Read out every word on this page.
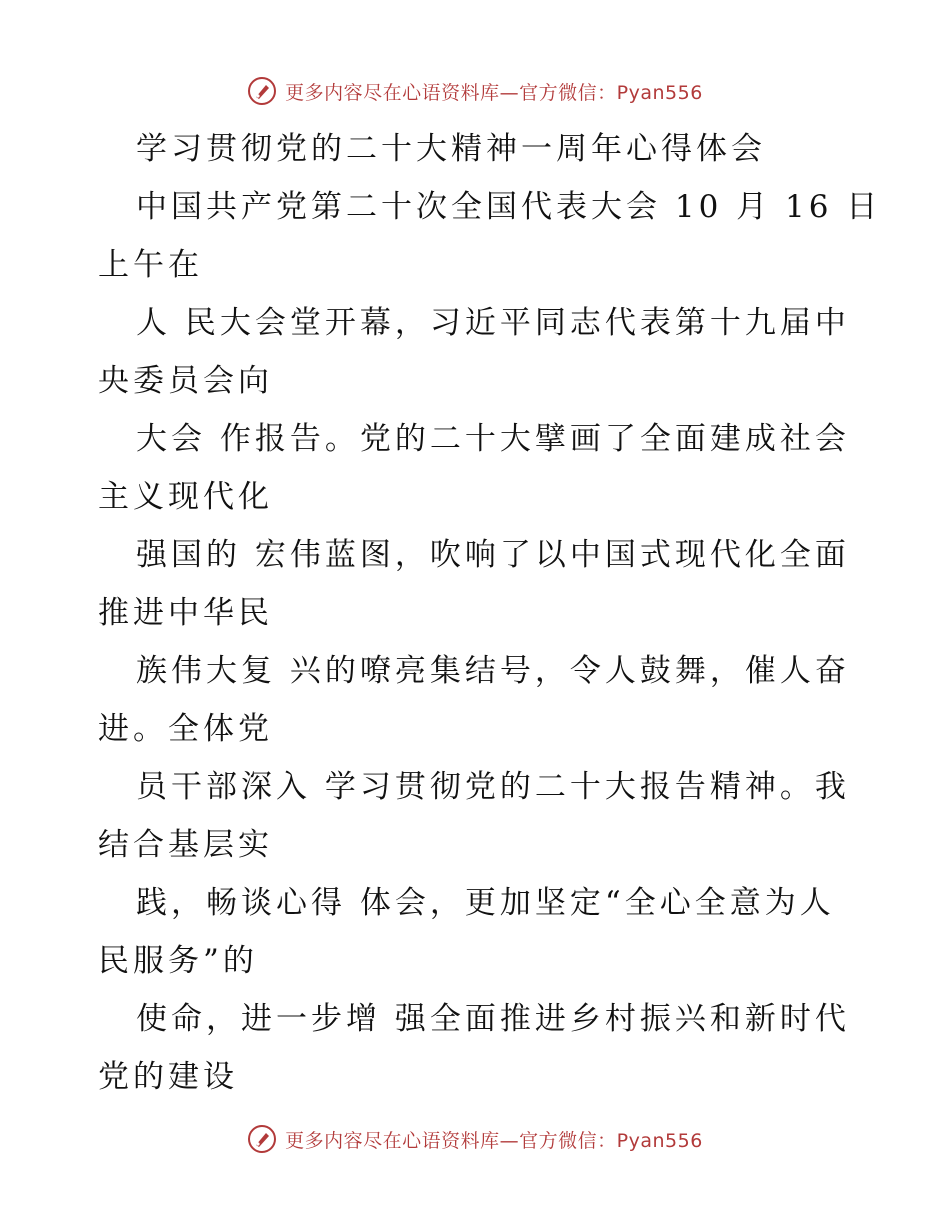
更多内容尽在心语资料库—官方微信：Pyan556
学习贯彻党的二十大精神一周年心得体会
中国共产党第二十次全国代表大会 10 月 16 日
上午在
人 民大会堂开幕，习近平同志代表第十九届中
央委员会向
大会 作报告。党的二十大擘画了全面建成社会
主义现代化
强国的 宏伟蓝图，吹响了以中国式现代化全面
推进中华民
族伟大复 兴的嘹亮集结号，令人鼓舞，催人奋
进。全体党
员干部深入 学习贯彻党的二十大报告精神。我
结合基层实
践，畅谈心得 体会，更加坚定“全心全意为人
民服务”的
使命，进一步增 强全面推进乡村振兴和新时代
党的建设
更多内容尽在心语资料库—官方微信：Pyan556
